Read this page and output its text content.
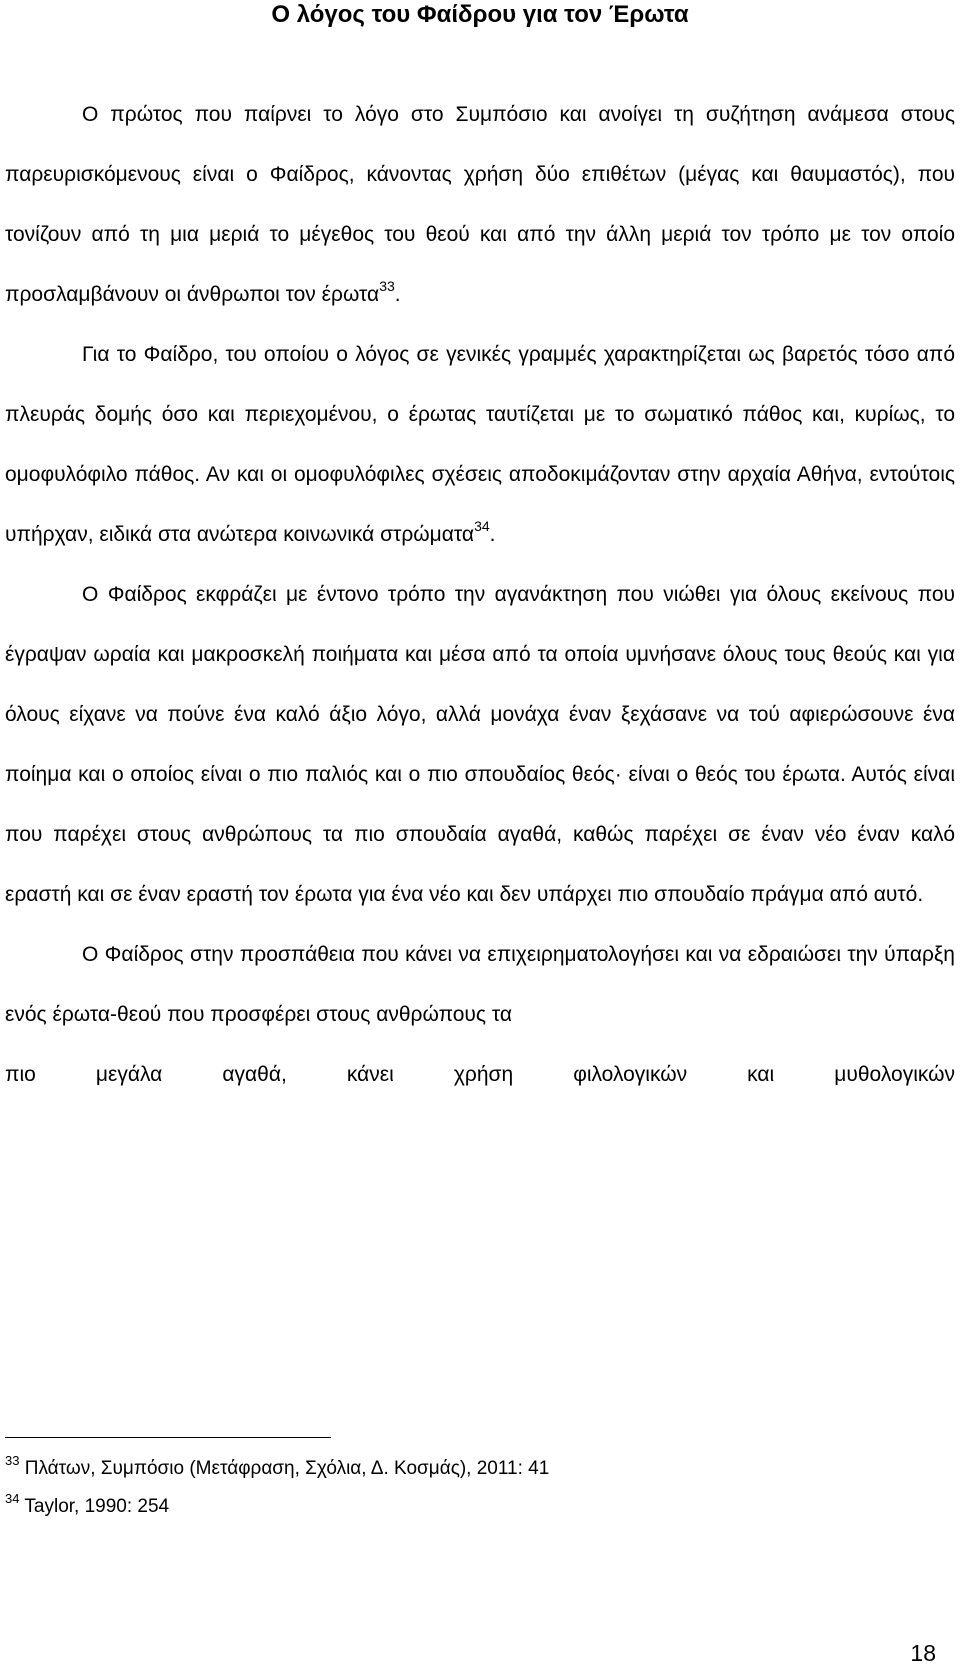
Ο λόγος του Φαίδρου για τον Έρωτα

Ο πρώτος που παίρνει το λόγο στο Συμπόσιο και ανοίγει τη συζήτηση ανάμεσα στους παρευρισκόμενους είναι ο Φαίδρος, κάνοντας χρήση δύο επιθέτων (μέγας και θαυμαστός), που τονίζουν από τη μια μεριά το μέγεθος του θεού και από την άλλη μεριά τον τρόπο με τον οποίο προσλαμβάνουν οι άνθρωποι τον έρωτα$^{33}$.

Για το Φαίδρο, του οποίου ο λόγος σε γενικές γραμμές χαρακτηρίζεται ως βαρετός τόσο από πλευράς δομής όσο και περιεχομένου, ο έρωτας ταυτίζεται με το σωματικό πάθος και, κυρίως, το ομοφυλόφιλο πάθος. Αν και οι ομοφυλόφιλες σχέσεις αποδοκιμάζονταν στην αρχαία Αθήνα, εντούτοις υπήρχαν, ειδικά στα ανώτερα κοινωνικά στρώματα$^{34}$.

Ο Φαίδρος εκφράζει με έντονο τρόπο την αγανάκτηση που νιώθει για όλους εκείνους που έγραψαν ωραία και μακροσκελή ποιήματα και μέσα από τα οποία υμνήσανε όλους τους θεούς και για όλους είχανε να πούνε ένα καλό άξιο λόγο, αλλά μονάχα έναν ξεχάσανε να τού αφιερώσουνε ένα ποίημα και ο οποίος είναι ο πιο παλιός και ο πιο σπουδαίος θεός· είναι ο θεός του έρωτα. Αυτός είναι που παρέχει στους ανθρώπους τα πιο σπουδαία αγαθά, καθώς παρέχει σε έναν νέο έναν καλό εραστή και σε έναν εραστή τον έρωτα για ένα νέο και δεν υπάρχει πιο σπουδαίο πράγμα από αυτό.

Ο Φαίδρος στην προσπάθεια που κάνει να επιχειρηματολογήσει και να εδραιώσει την ύπαρξη ενός έρωτα-θεού που προσφέρει στους ανθρώπους τα
πιο μεγάλα αγαθά, κάνει χρήση φιλολογικών και μυθολογικών

$^{33}$ Πλάτων, Συμπόσιο (Μετάφραση, Σχόλια, Δ. Κοσμάς), 2011: 41

$^{34}$ Taylor, 1990: 254

18
